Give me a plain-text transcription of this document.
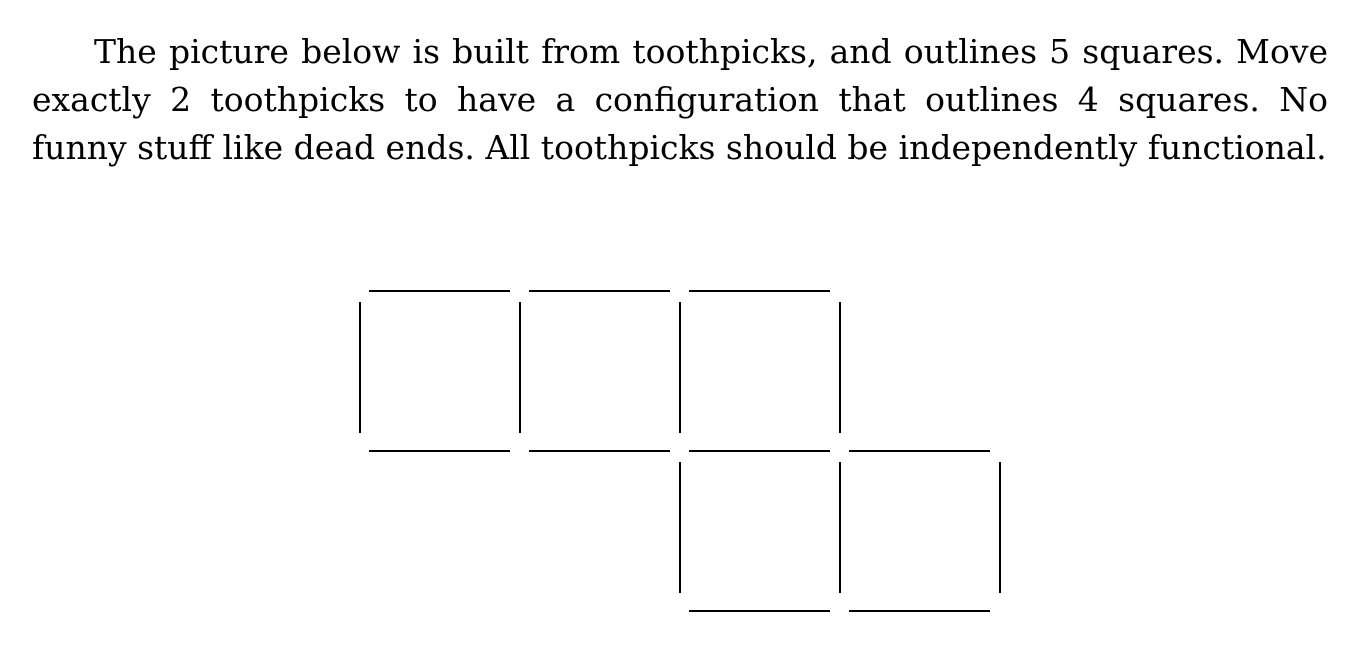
The picture below is built from toothpicks, and outlines 5 squares. Move exactly 2 toothpicks to have a configuration that outlines 4 squares. No funny stuff like dead ends. All toothpicks should be independently functional.
